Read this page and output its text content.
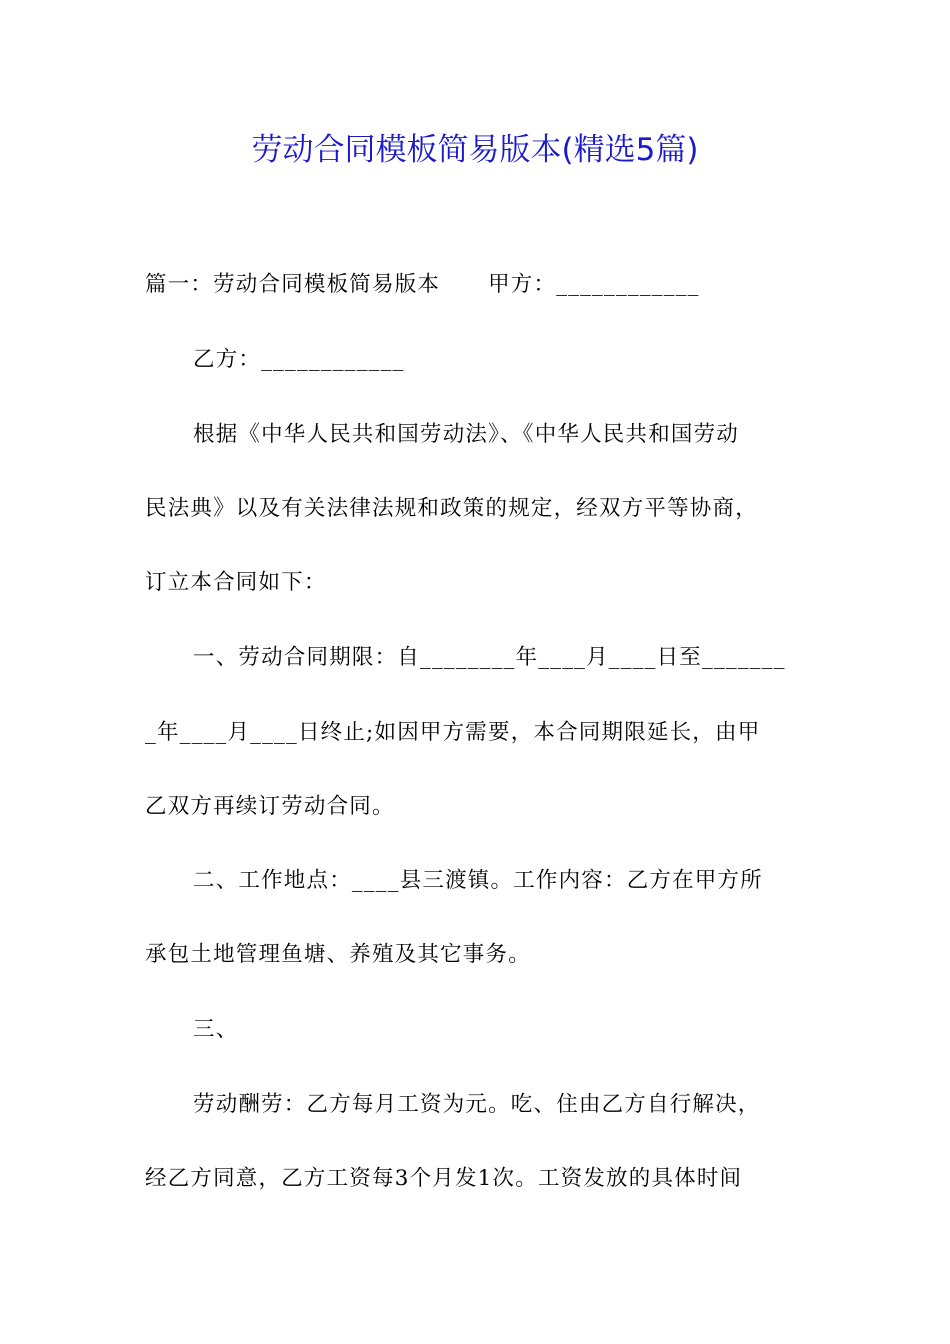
劳动合同模板简易版本(精选5篇)
篇一：劳动合同模板简易版本 甲方：____________
乙方：____________
根据《中华人民共和国劳动法》、《中华人民共和国劳动
民法典》以及有关法律法规和政策的规定，经双方平等协商，
订立本合同如下：
一、劳动合同期限：自________年____月____日至_______
_年____月____日终止;如因甲方需要，本合同期限延长，由甲
乙双方再续订劳动合同。
二、工作地点：____县三渡镇。工作内容：乙方在甲方所
承包土地管理鱼塘、养殖及其它事务。
三、
劳动酬劳：乙方每月工资为元。吃、住由乙方自行解决，
经乙方同意，乙方工资每3个月发1次。工资发放的具体时间
